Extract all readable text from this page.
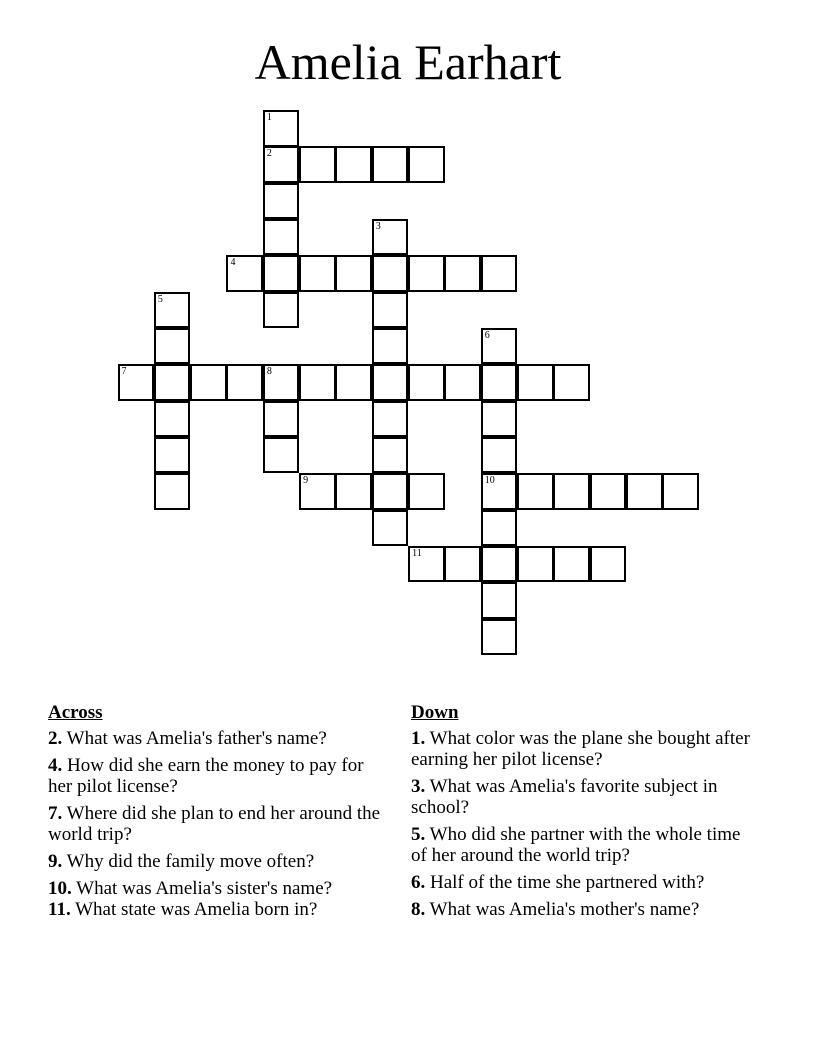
Amelia Earhart
1
2
3
4
5
6
10
7	8
9
11
Across
2. What was Amelia's father's name?
4. How did she earn the money to pay for her pilot license?
7. Where did she plan to end her around the world trip?
9. Why did the family move often?
10. What was Amelia's sister's name?
11. What state was Amelia born in?
Down
1. What color was the plane she bought after earning her pilot license?
3. What was Amelia's favorite subject in school?
5. Who did she partner with the whole time of her around the world trip?
6. Half of the time she partnered with?
8. What was Amelia's mother's name?
